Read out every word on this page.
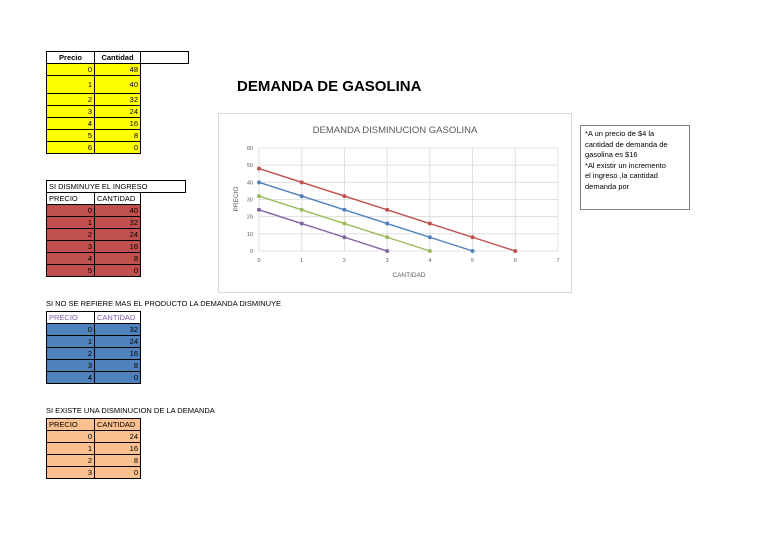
Precio	Cantidad	
0	48	
1	40	
2	32	
3	24	
4	16	
5	8	
6	0	
DEMANDA DE GASOLINA
SI DISMINUYE EL INGRESO
PRECIO	CANTIDAD
0	40
1	32
2	24
3	16
4	8
5	0
SI NO SE REFIERE MAS EL PRODUCTO LA DEMANDA DISMINUYE
PRECIO	CANTIDAD
0	32
1	24
2	16
3	8
4	0
SI EXISTE UNA DISMINUCION DE LA DEMANDA
PRECIO	CANTIDAD
0	24
1	16
2	8
3	0
DEMANDA DISMINUCION GASOLINA
0
10
20
30
40
50
60
0	1	2	3	4	5	6	7
CANTIDAD
PRECIO
*A un precio de $4 la
cantidad de demanda de
gasolina es $16
*Al existir un incremento
el ingreso ,la cantidad
demanda por
